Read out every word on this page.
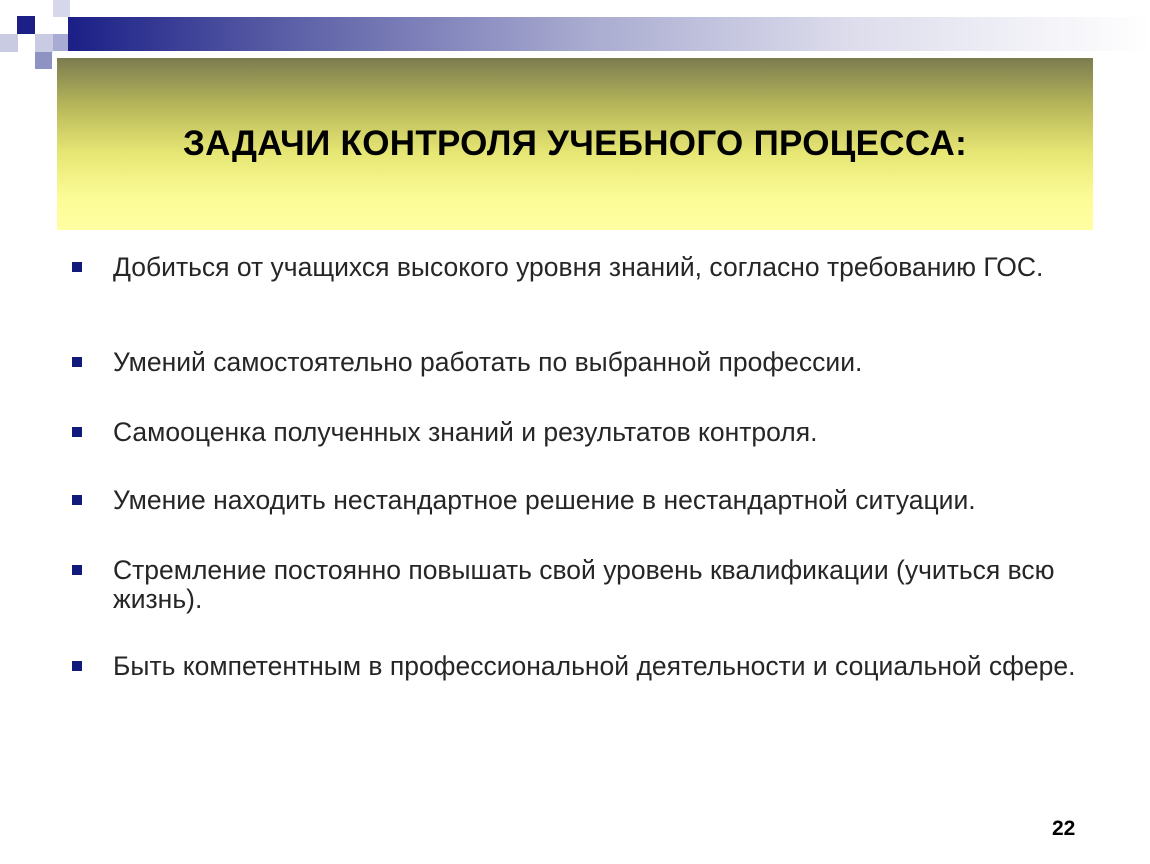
ЗАДАЧИ КОНТРОЛЯ УЧЕБНОГО ПРОЦЕССА:
Добиться от учащихся высокого уровня знаний, согласно требованию ГОС.
Умений самостоятельно работать по выбранной профессии.
Самооценка полученных знаний и результатов контроля.
Умение находить нестандартное решение в нестандартной ситуации.
Стремление постоянно повышать свой уровень квалификации (учиться всю жизнь).
Быть компетентным в профессиональной деятельности и социальной сфере.
22
